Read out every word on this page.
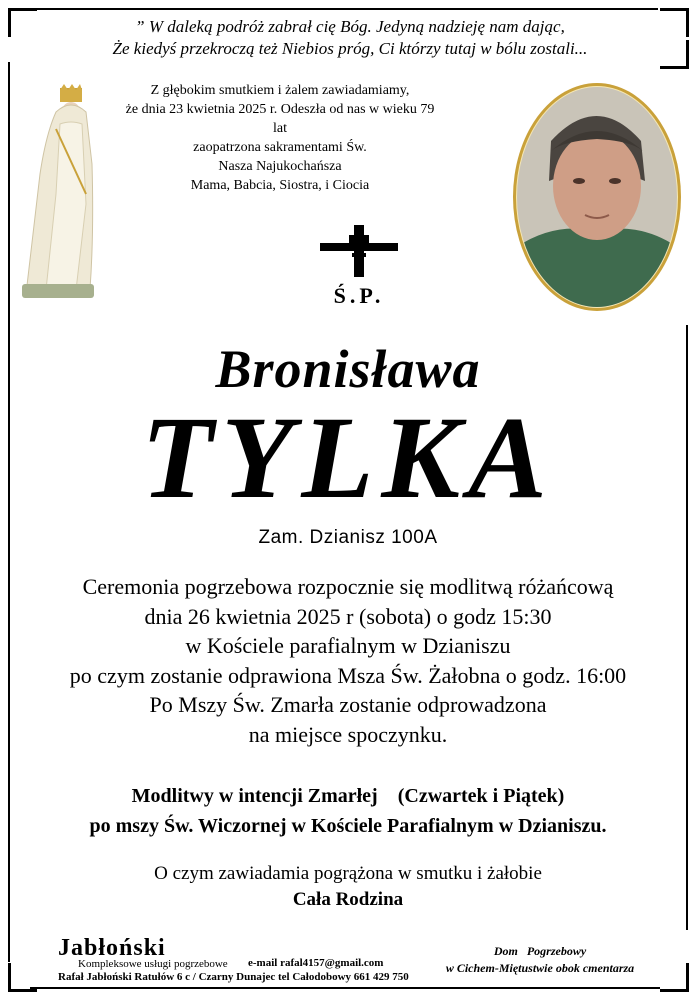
” W daleką podróż zabrał cię Bóg. Jedyną nadzieję nam dając,
Że kiedyś przekroczą też Niebios próg, Ci którzy tutaj w bólu zostali...
Z głębokim smutkiem i żalem zawiadamiamy,
że dnia 23 kwietnia 2025 r. Odeszła od nas w wieku 79 lat
zaopatrzona sakramentami Św.
Nasza Najukochańsza
Mama, Babcia, Siostra, i Ciocia
Ś.P.
Bronisława
TYLKA
Zam. Dzianisz 100A
Ceremonia pogrzebowa rozpocznie się modlitwą różańcową
dnia 26 kwietnia 2025 r (sobota) o godz 15:30
w Kościele parafialnym w Dzianiszu
po czym zostanie odprawiona Msza Św. Żałobna o godz. 16:00
Po Mszy Św. Zmarła zostanie odprowadzona
na miejsce spoczynku.
Modlitwy w intencji Zmarłej    (Czwartek i Piątek)
po mszy Św. Wiczornej w Kościele Parafialnym w Dzianiszu.
O czym zawiadamia pogrążona w smutku i żałobie
Cała Rodzina
Jabłoński
Kompleksowe usługi pogrzebowe e-mail rafal4157@gmail.com
Rafał Jabłoński Ratułów 6 c / Czarny Dunajec tel Całodobowy 661 429 750
Dom   Pogrzebowy
w Cichem-Miętustwie obok cmentarza
